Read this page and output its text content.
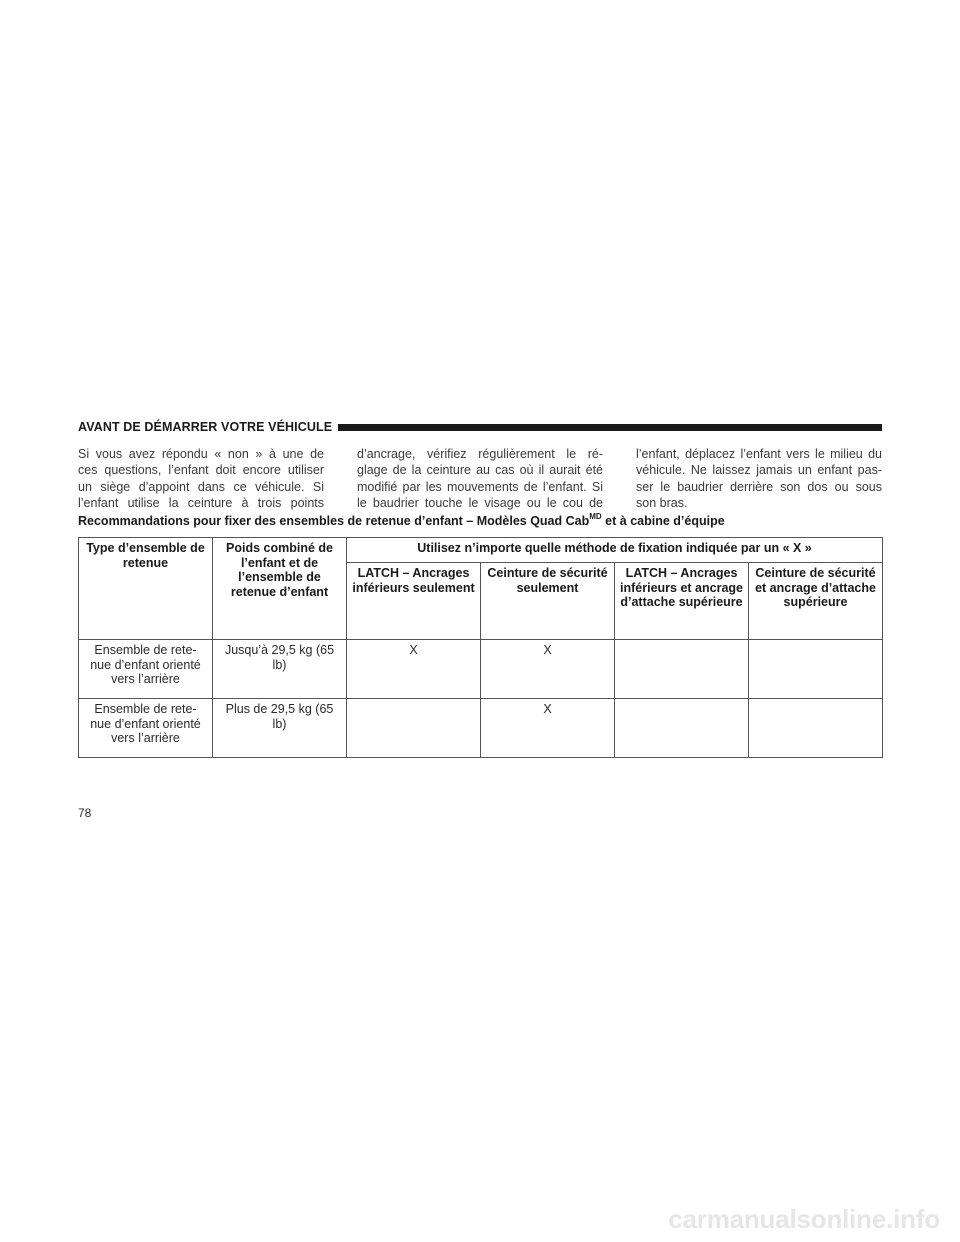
AVANT DE DÉMARRER VOTRE VÉHICULE
Si vous avez répondu « non » à une de
ces questions, l’enfant doit encore utiliser
un siège d’appoint dans ce véhicule. Si
l’enfant utilise la ceinture à trois points
d’ancrage, vérifiez régulièrement le ré-
glage de la ceinture au cas où il aurait été
modifié par les mouvements de l’enfant. Si
le baudrier touche le visage ou le cou de
l’enfant, déplacez l’enfant vers le milieu du
véhicule. Ne laissez jamais un enfant pas-
ser le baudrier derrière son dos ou sous
son bras.
Recommandations pour fixer des ensembles de retenue d’enfant – Modèles Quad Cab$^{MD}$ et à cabine d’équipe
Type d’ensemble de retenue	Poids combiné de l’enfant et de l’ensemble de retenue d’enfant	Utilisez n’importe quelle méthode de fixation indiquée par un « X »			
		LATCH – Ancrages inférieurs seulement	Ceinture de sécurité seulement	LATCH – Ancrages inférieurs et ancrage d’attache supérieure	Ceinture de sécurité et ancrage d’attache supérieure
Ensemble de rete- nue d’enfant orienté vers l’arrière	Jusqu’à 29,5 kg (65 lb)	X	X		
Ensemble de rete- nue d’enfant orienté vers l’arrière	Plus de 29,5 kg (65 lb)		X		
78
carmanualsonline.info
